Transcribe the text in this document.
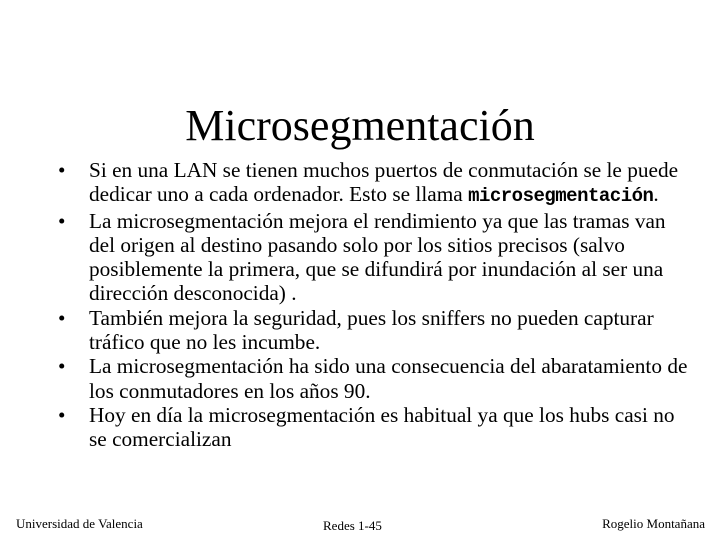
Microsegmentación
• Si en una LAN se tienen muchos puertos de conmutación se le puede dedicar uno a cada ordenador. Esto se llama microsegmentación.
• La microsegmentación mejora el rendimiento ya que las tramas van del origen al destino pasando solo por los sitios precisos (salvo posiblemente la primera, que se difundirá por inundación al ser una dirección desconocida) .
• También mejora la seguridad, pues los sniffers no pueden capturar tráfico que no les incumbe.
• La microsegmentación ha sido una consecuencia del abaratamiento de los conmutadores en los años 90.
• Hoy en día la microsegmentación es habitual ya que los hubs casi no se comercializan
Universidad de Valencia	Redes 1-45	Rogelio Montañana
